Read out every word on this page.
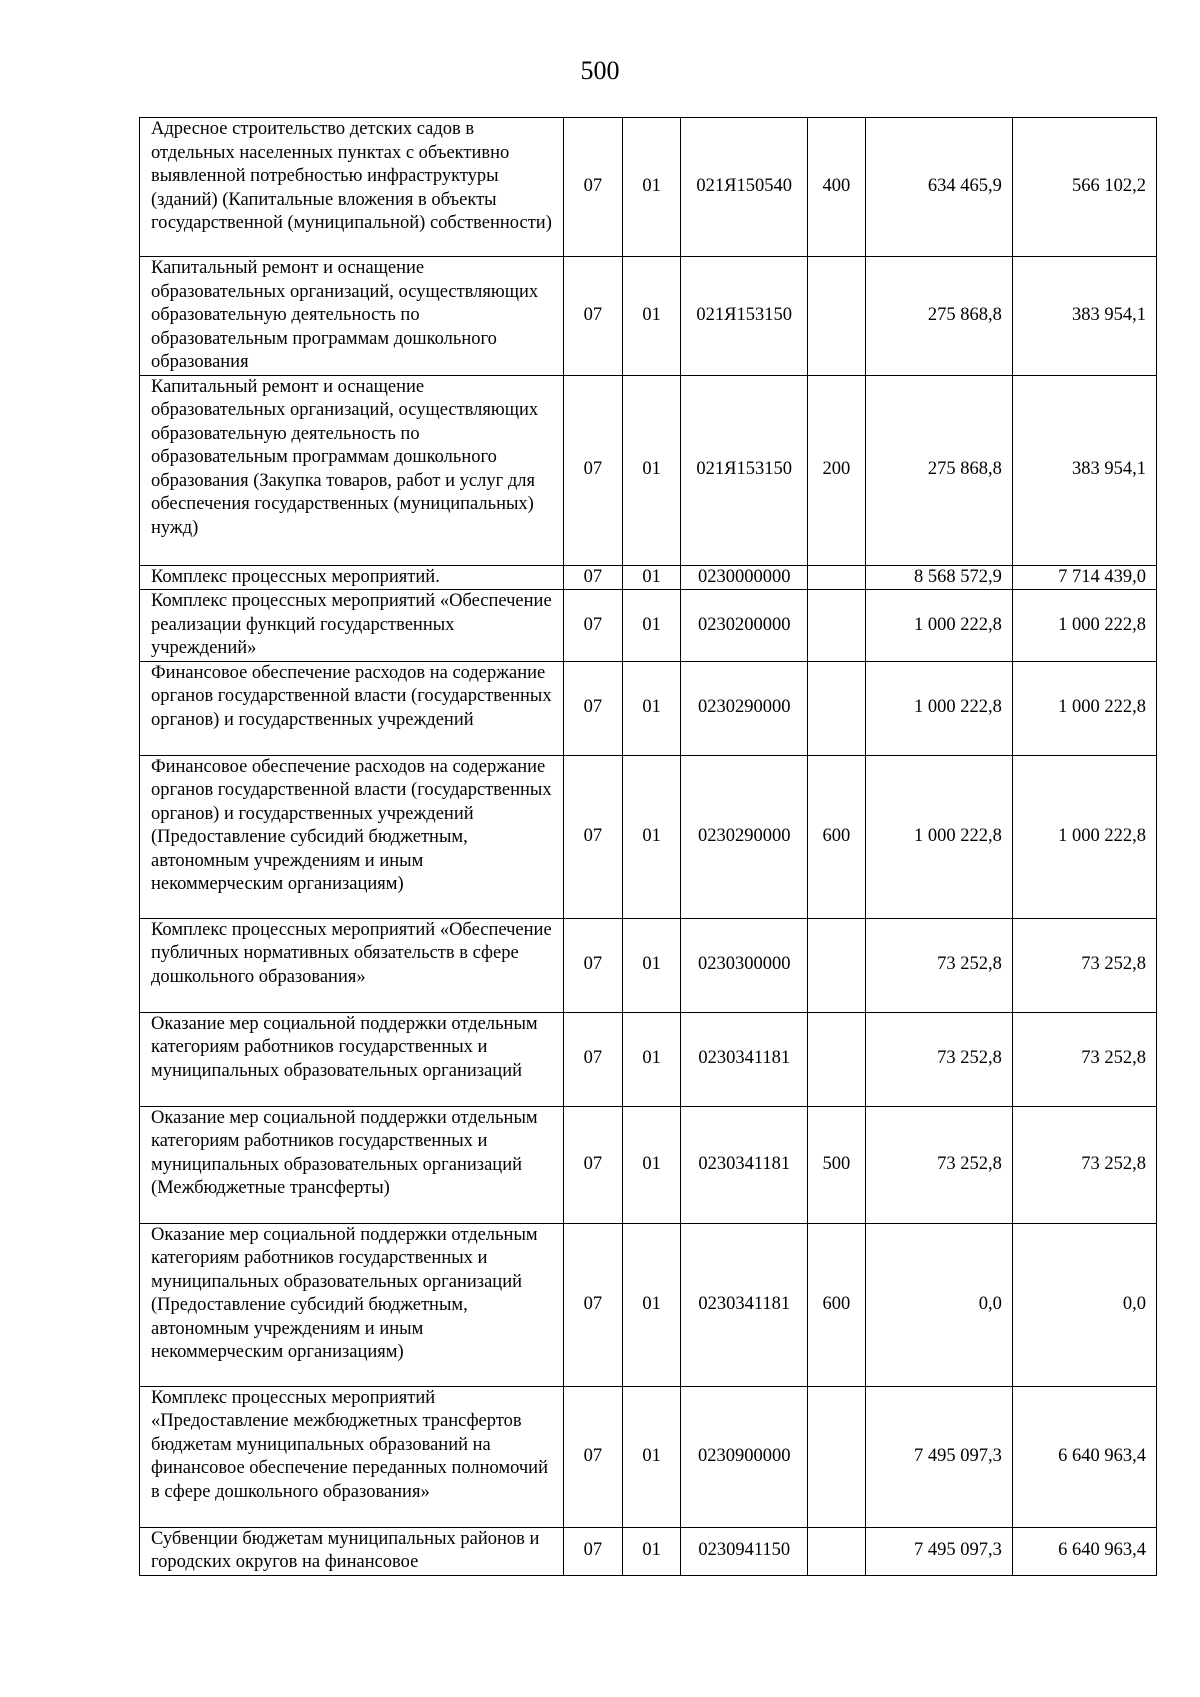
500
Адресное строительство детских садов в отдельных населенных пунктах с объективно выявленной потребностью инфраструктуры (зданий) (Капитальные вложения в объекты государственной (муниципальной) собственности)	07	01	021Я150540	400	634 465,9	566 102,2
Капитальный ремонт и оснащение образовательных организаций, осуществляющих образовательную деятельность по образовательным программам дошкольного образования	07	01	021Я153150		275 868,8	383 954,1
Капитальный ремонт и оснащение образовательных организаций, осуществляющих образовательную деятельность по образовательным программам дошкольного образования (Закупка товаров, работ и услуг для обеспечения государственных (муниципальных) нужд)	07	01	021Я153150	200	275 868,8	383 954,1
Комплекс процессных мероприятий.	07	01	0230000000		8 568 572,9	7 714 439,0
Комплекс процессных мероприятий «Обеспечение реализации функций государственных учреждений»	07	01	0230200000		1 000 222,8	1 000 222,8
Финансовое обеспечение расходов на содержание органов государственной власти (государственных органов) и государственных учреждений	07	01	0230290000		1 000 222,8	1 000 222,8
Финансовое обеспечение расходов на содержание органов государственной власти (государственных органов) и государственных учреждений (Предоставление субсидий бюджетным, автономным учреждениям и иным некоммерческим организациям)	07	01	0230290000	600	1 000 222,8	1 000 222,8
Комплекс процессных мероприятий «Обеспечение публичных нормативных обязательств в сфере дошкольного образования»	07	01	0230300000		73 252,8	73 252,8
Оказание мер социальной поддержки отдельным категориям работников государственных и муниципальных образовательных организаций	07	01	0230341181		73 252,8	73 252,8
Оказание мер социальной поддержки отдельным категориям работников государственных и муниципальных образовательных организаций (Межбюджетные трансферты)	07	01	0230341181	500	73 252,8	73 252,8
Оказание мер социальной поддержки отдельным категориям работников государственных и муниципальных образовательных организаций (Предоставление субсидий бюджетным, автономным учреждениям и иным некоммерческим организациям)	07	01	0230341181	600	0,0	0,0
Комплекс процессных мероприятий «Предоставление межбюджетных трансфертов бюджетам муниципальных образований на финансовое обеспечение переданных полномочий в сфере дошкольного образования»	07	01	0230900000		7 495 097,3	6 640 963,4
Субвенции бюджетам муниципальных районов и городских округов на финансовое	07	01	0230941150		7 495 097,3	6 640 963,4
